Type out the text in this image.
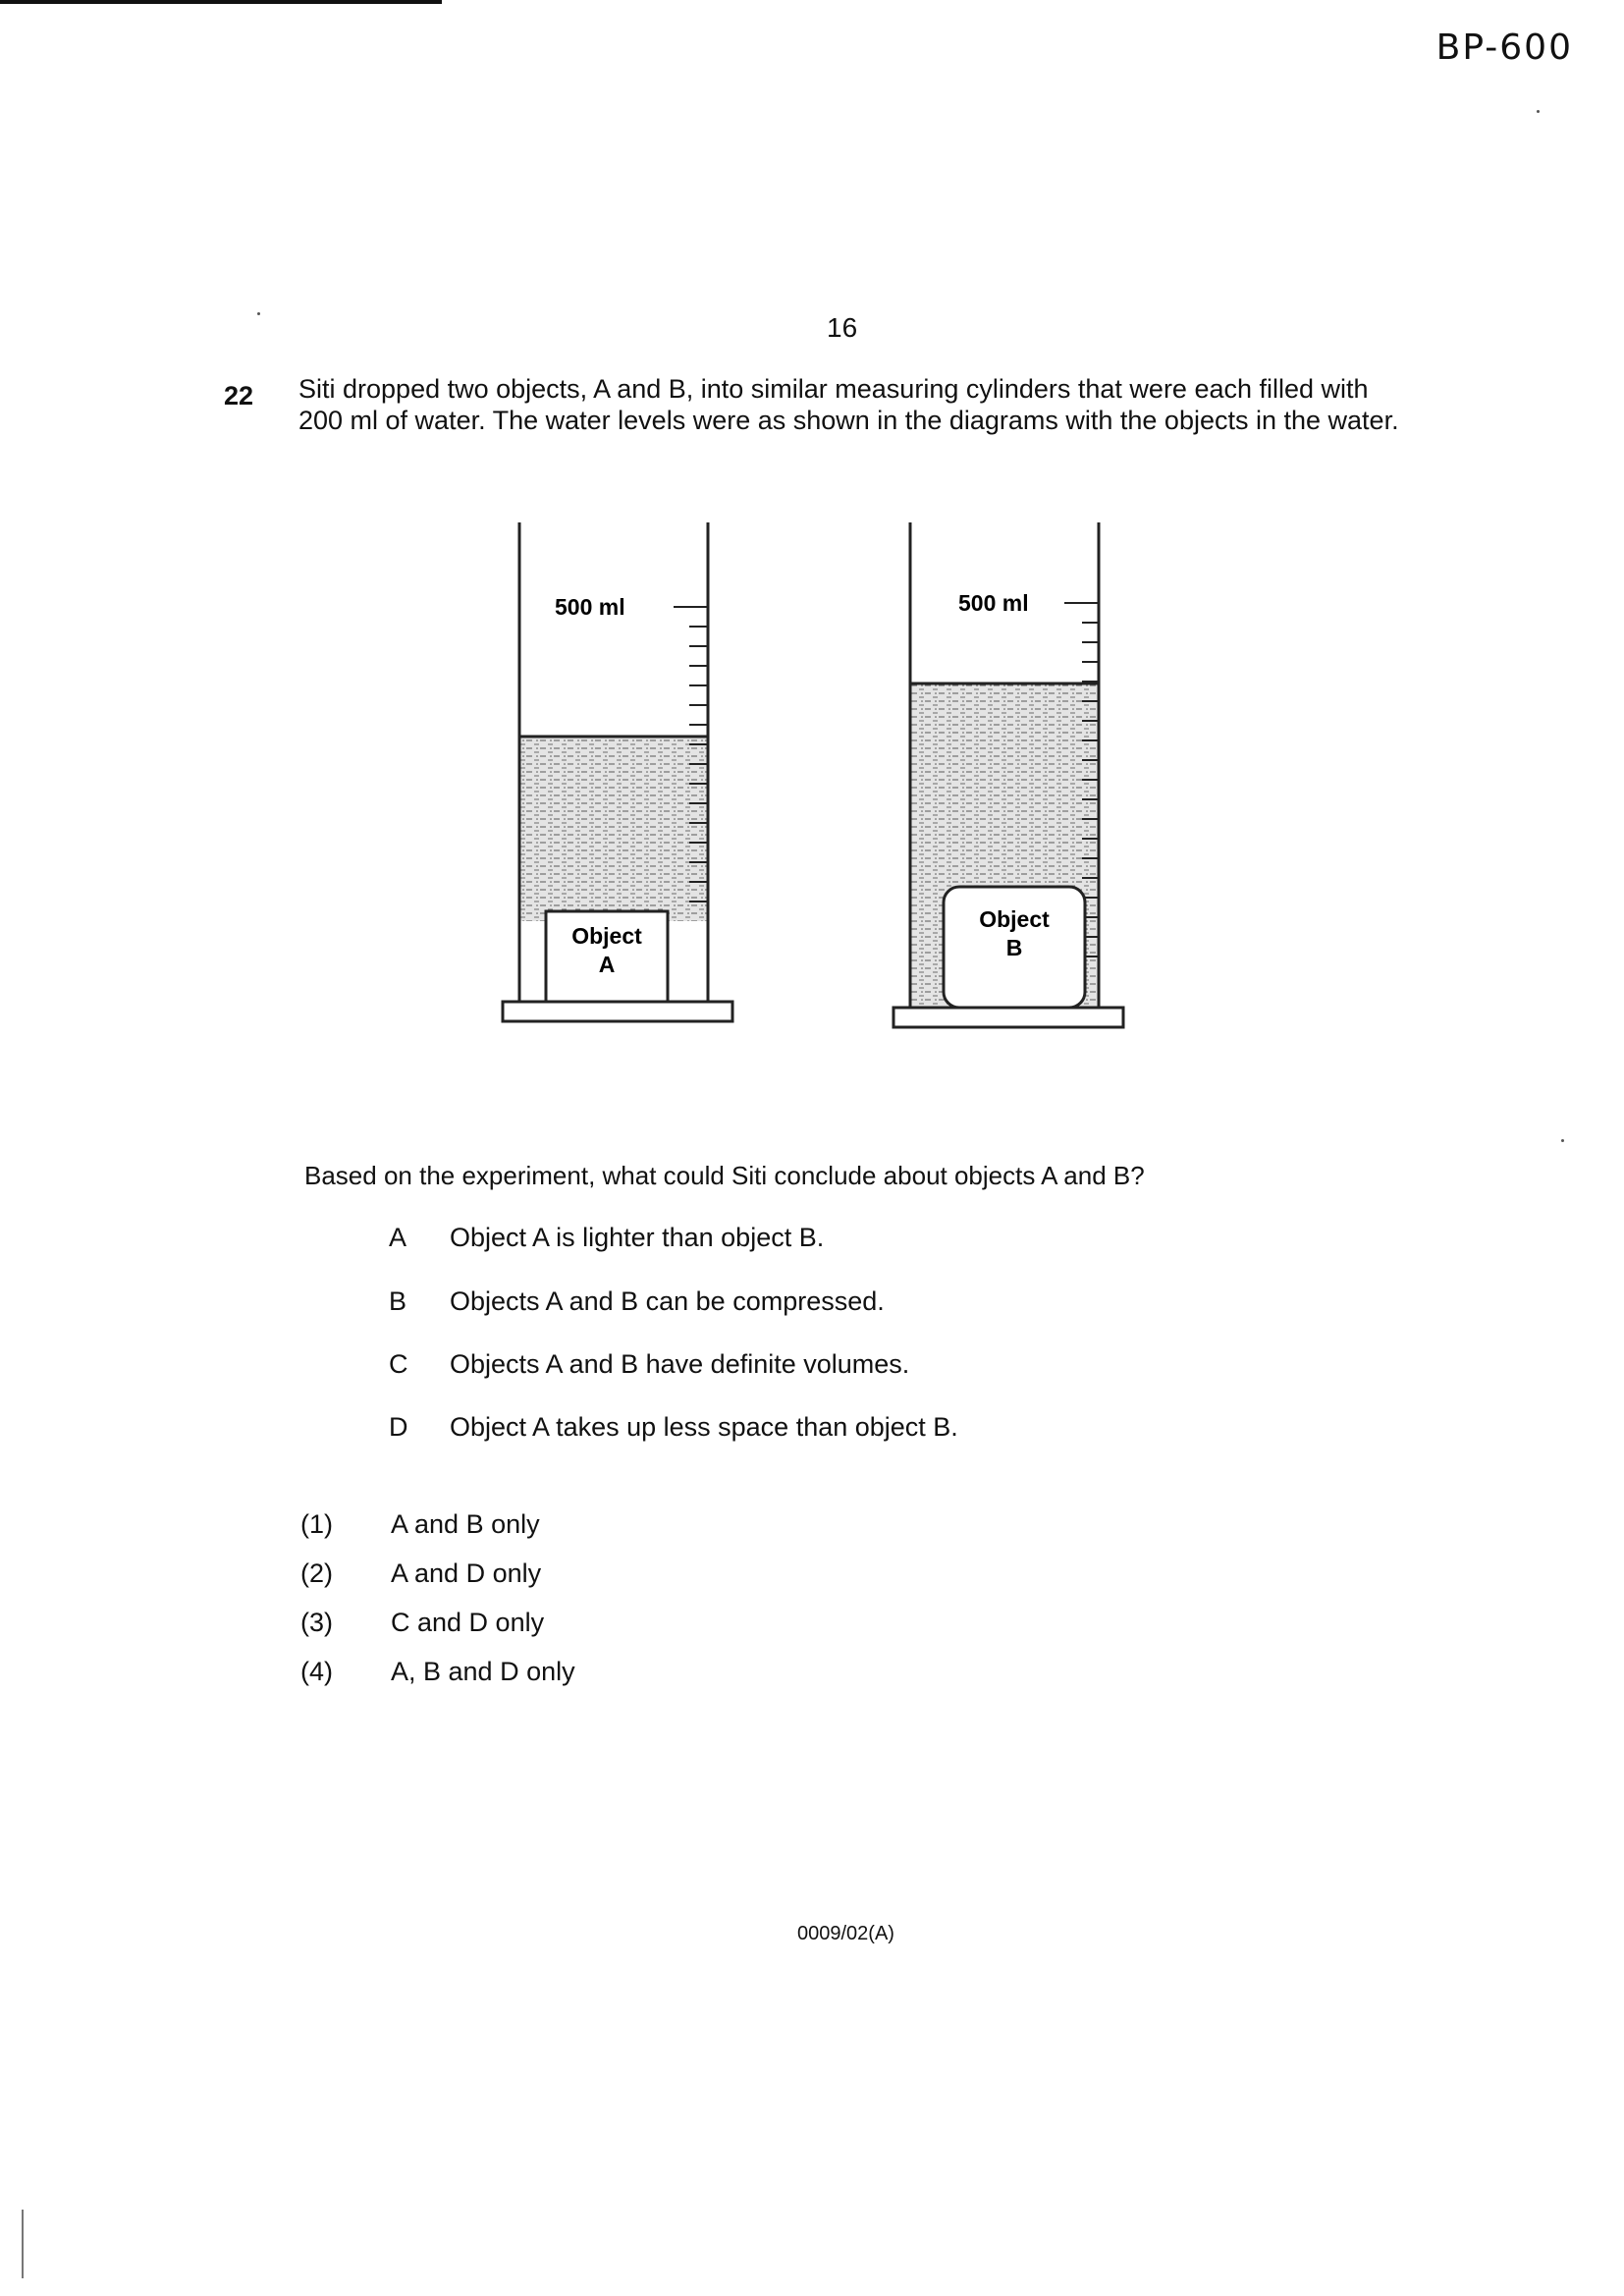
BP-600
16
22 Siti dropped two objects, A and B, into similar measuring cylinders that were each filled with
200 ml of water. The water levels were as shown in the diagrams with the objects in the water.
500 ml
Object
A
500 ml
Object
B
Based on the experiment, what could Siti conclude about objects A and B?
A Object A is lighter than object B.
B Objects A and B can be compressed.
C Objects A and B have definite volumes.
D Object A takes up less space than object B.
(1) A and B only
(2) A and D only
(3) C and D only
(4) A, B and D only
0009/02(A)
